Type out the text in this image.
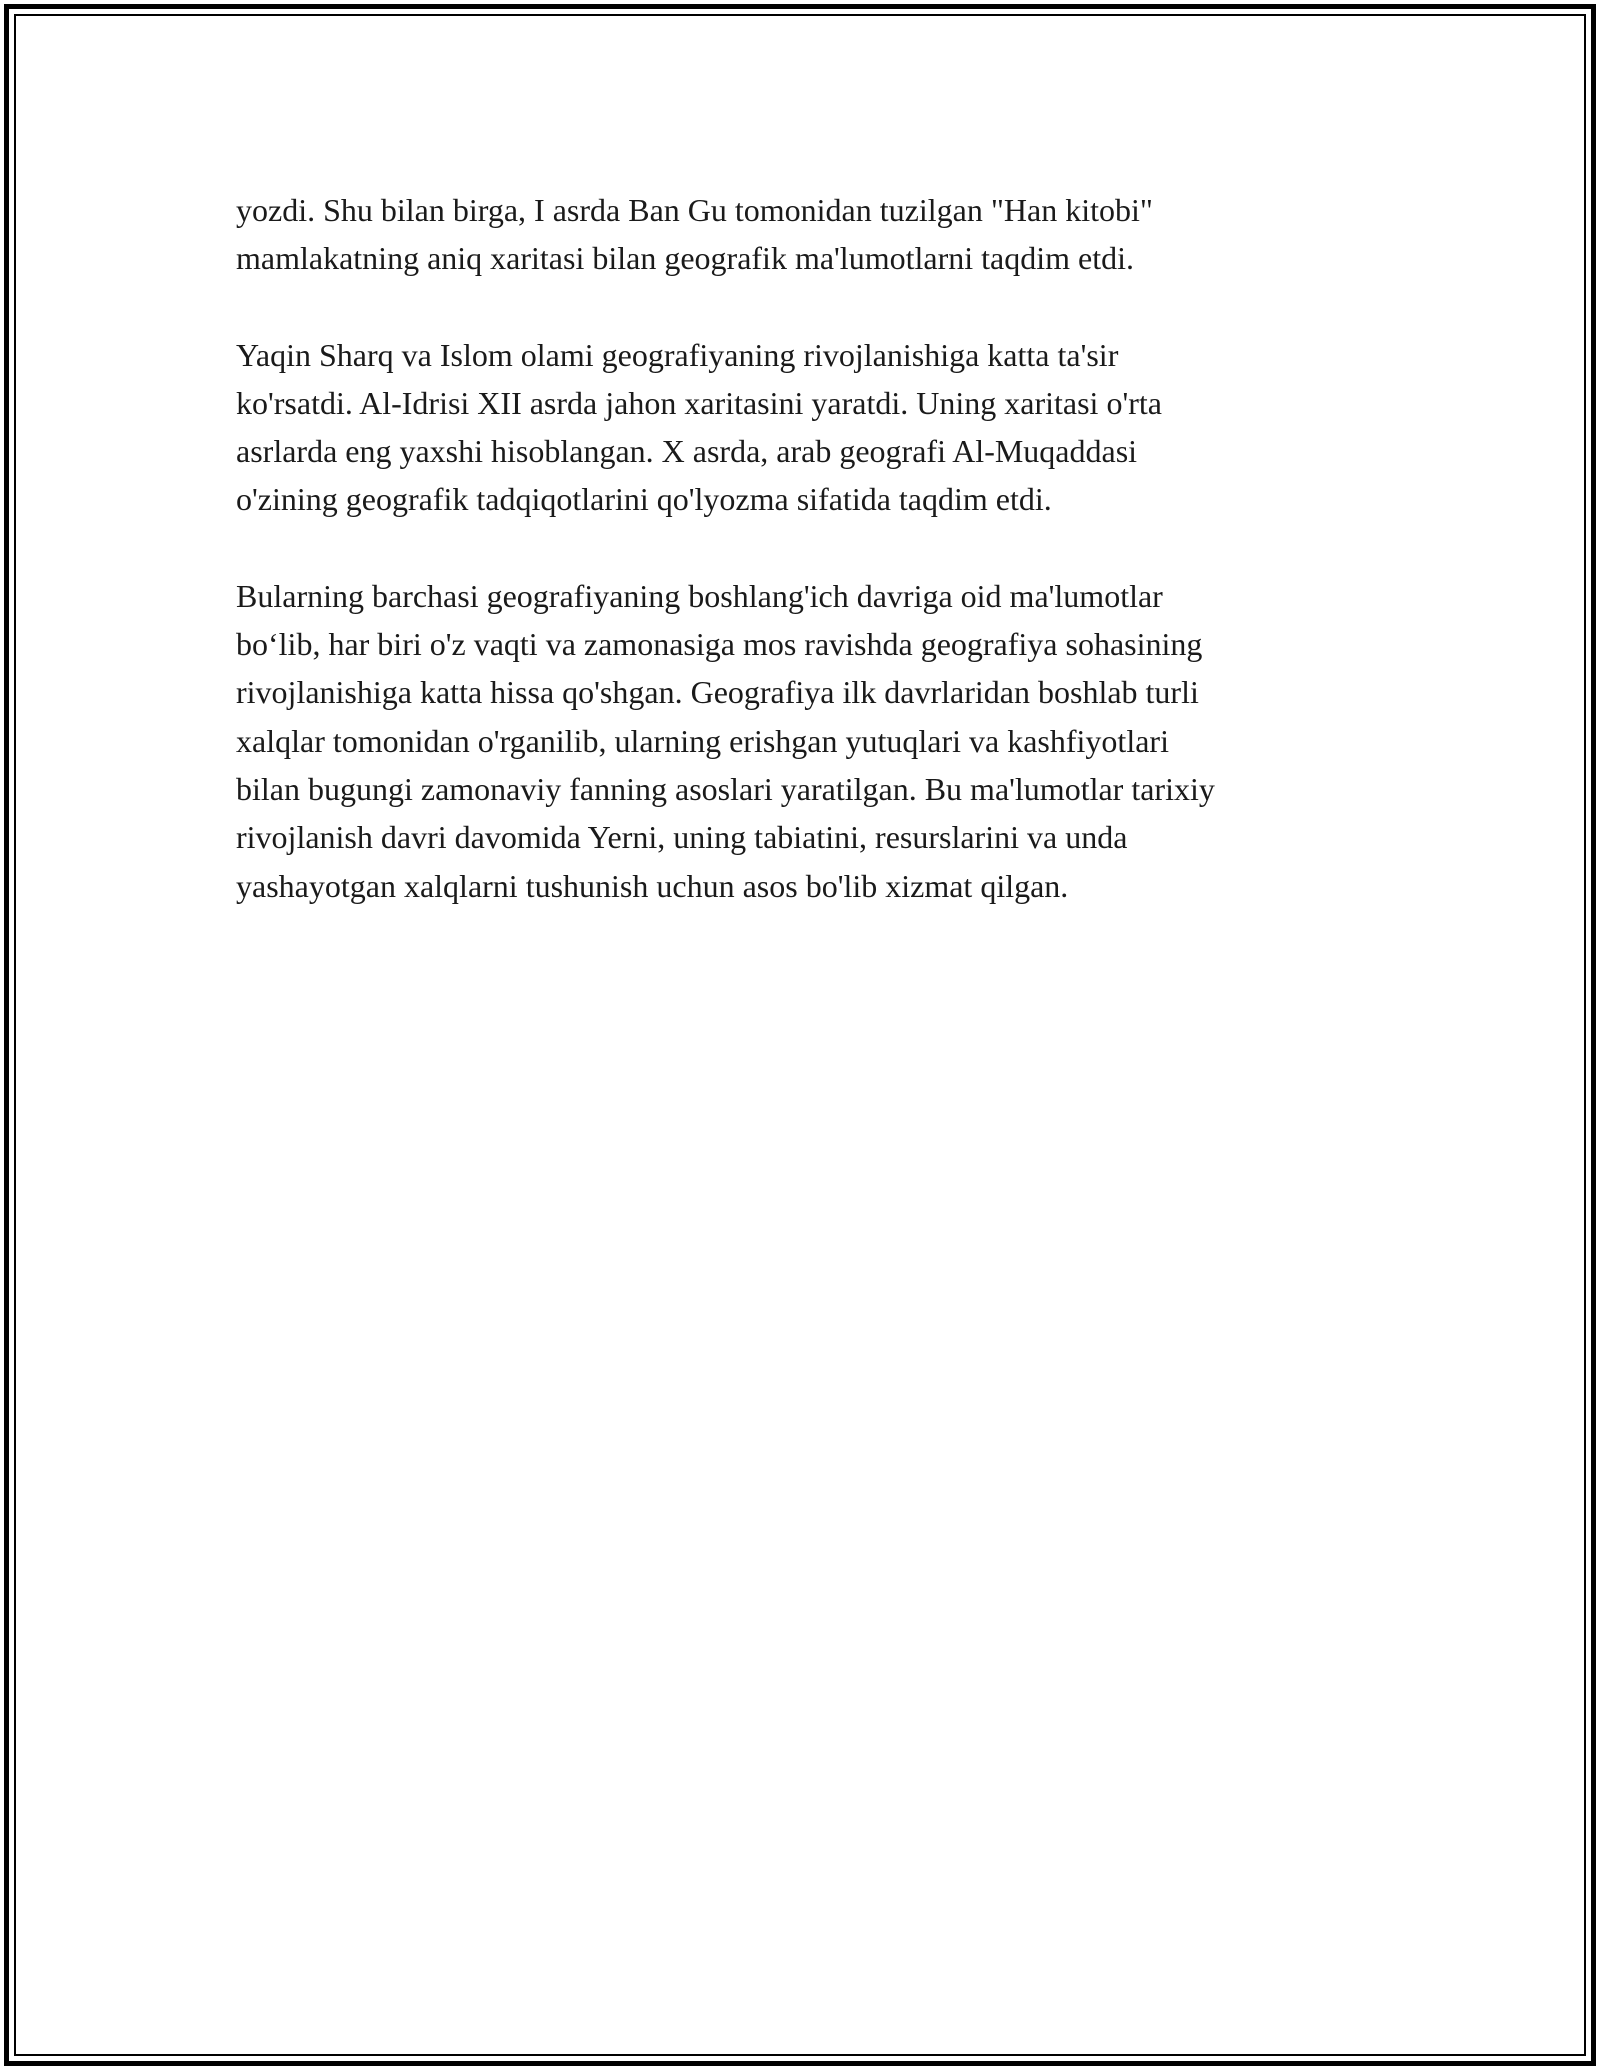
yozdi. Shu bilan birga, I asrda Ban Gu tomonidan tuzilgan "Han kitobi"
mamlakatning aniq xaritasi bilan geografik ma'lumotlarni taqdim etdi.

Yaqin Sharq va Islom olami geografiyaning rivojlanishiga katta ta'sir
ko'rsatdi. Al-Idrisi XII asrda jahon xaritasini yaratdi. Uning xaritasi o'rta
asrlarda eng yaxshi hisoblangan. X asrda, arab geografi Al-Muqaddasi
o'zining geografik tadqiqotlarini qo'lyozma sifatida taqdim etdi.

Bularning barchasi geografiyaning boshlang'ich davriga oid ma'lumotlar
bo‘lib, har biri o'z vaqti va zamonasiga mos ravishda geografiya sohasining
rivojlanishiga katta hissa qo'shgan. Geografiya ilk davrlaridan boshlab turli
xalqlar tomonidan o'rganilib, ularning erishgan yutuqlari va kashfiyotlari
bilan bugungi zamonaviy fanning asoslari yaratilgan. Bu ma'lumotlar tarixiy
rivojlanish davri davomida Yerni, uning tabiatini, resurslarini va unda
yashayotgan xalqlarni tushunish uchun asos bo'lib xizmat qilgan.
